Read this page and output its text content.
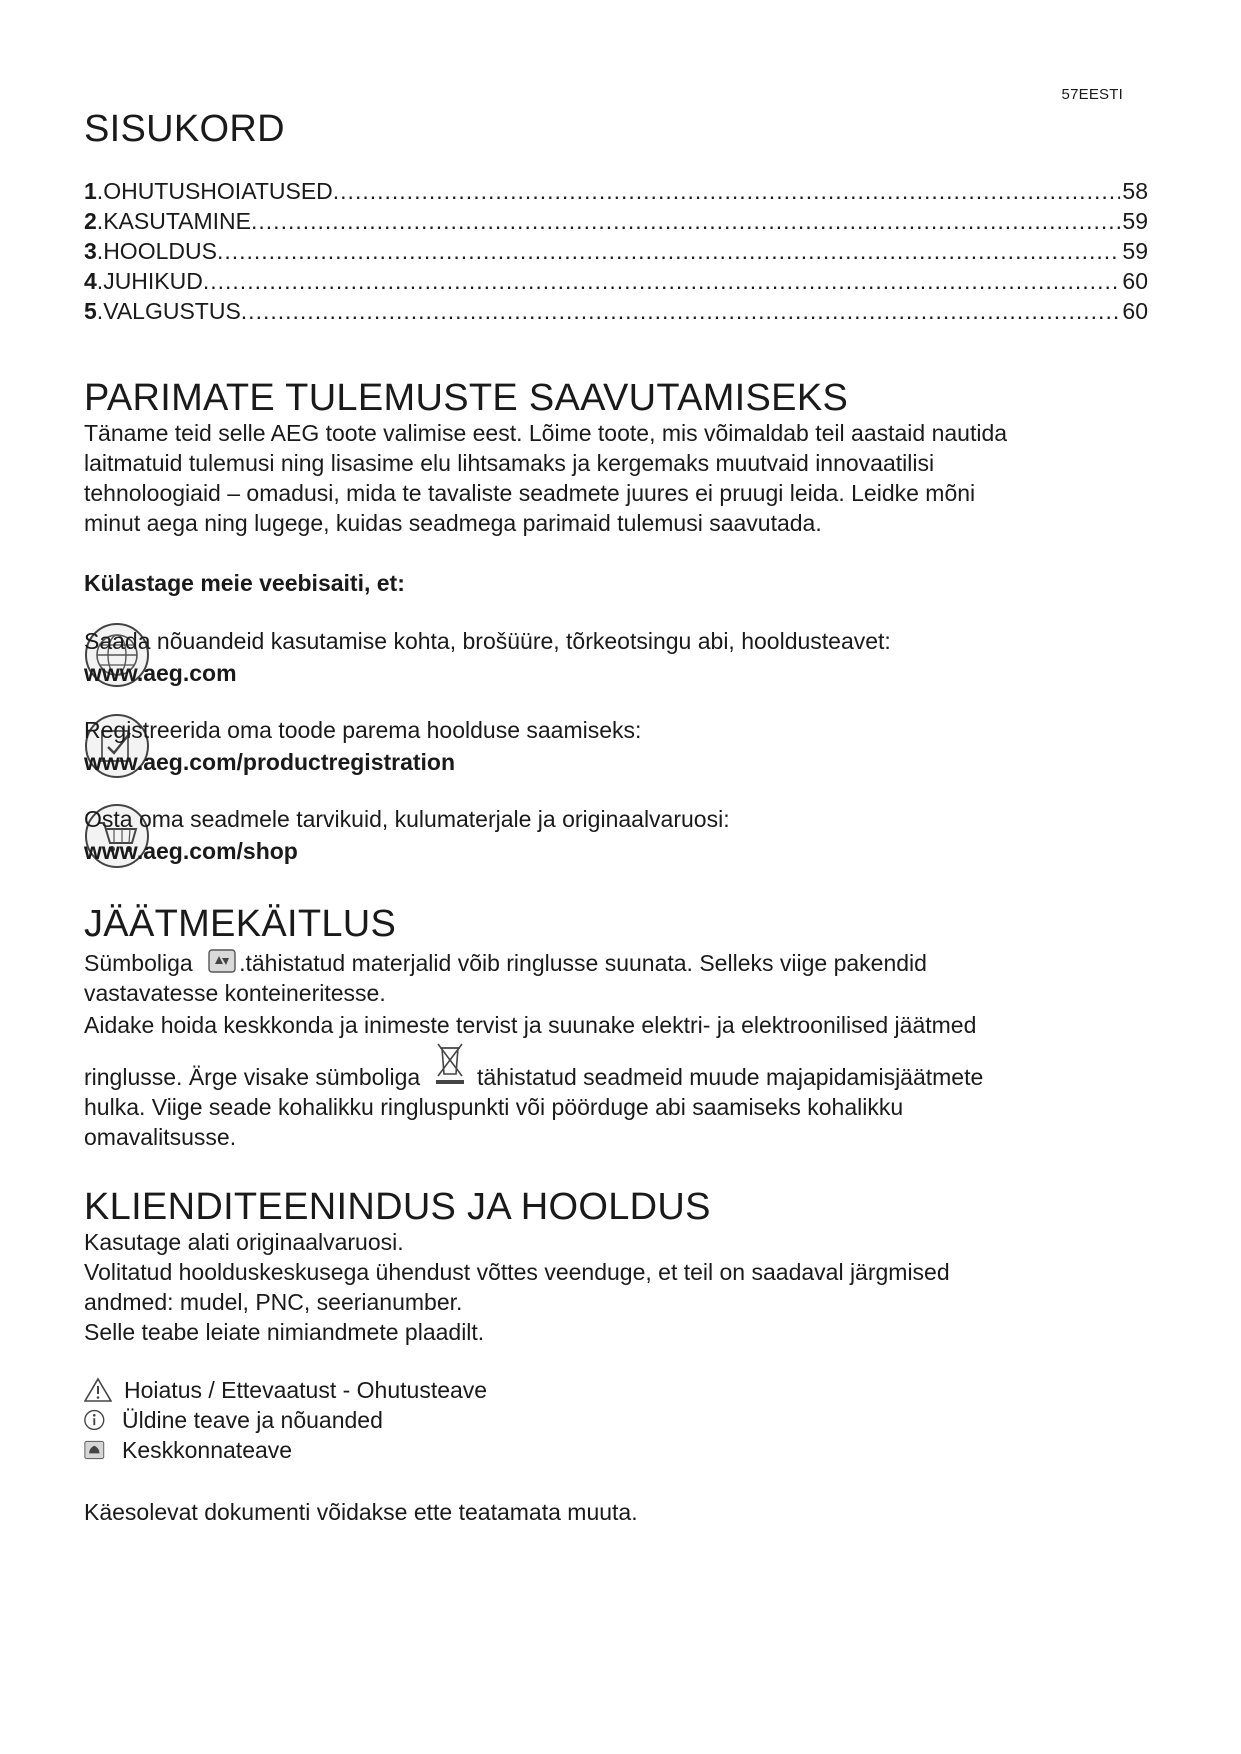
57EESTI
SISUKORD
1 . OHUTUSHOIATUSED .....	58
2 . KASUTAMINE .....	59
3 . HOOLDUS .....	59
4 . JUHIKUD .....	60
5 . VALGUSTUS .....	60
PARIMATE TULEMUSTE SAAVUTAMISEKS
Täname teid selle AEG toote valimise eest. Lõime toote, mis võimaldab teil aastaid nautida
laitmatuid tulemusi ning lisasime elu lihtsamaks ja kergemaks muutvaid innovaatilisi
tehnoloogiaid – omadusi, mida te tavaliste seadmete juures ei pruugi leida. Leidke mõni
minut aega ning lugege, kuidas seadmega parimaid tulemusi saavutada.
Külastage meie veebisaiti, et:
Saada nõuandeid kasutamise kohta, brošüüre, tõrkeotsingu abi, hooldusteavet:
www.aeg.com
Registreerida oma toode parema hoolduse saamiseks:
www.aeg.com/productregistration
Osta oma seadmele tarvikuid, kulumaterjale ja originaalvaruosi:
www.aeg.com/shop
JÄÄTMEKÄITLUS
Sümboliga .tähistatud materjalid võib ringlusse suunata. Selleks viige pakendid
vastavatesse konteineritesse.
Aidake hoida keskkonda ja inimeste tervist ja suunake elektri- ja elektroonilised jäätmed
ringlusse. Ärge visake sümboliga tähistatud seadmeid muude majapidamisjäätmete
hulka. Viige seade kohalikku ringluspunkti või pöörduge abi saamiseks kohalikku
omavalitsusse.
KLIENDITEENINDUS JA HOOLDUS
Kasutage alati originaalvaruosi.
Volitatud hoolduskeskusega ühendust võttes veenduge, et teil on saadaval järgmised
andmed: mudel, PNC, seerianumber.
Selle teabe leiate nimiandmete plaadilt.
Hoiatus / Ettevaatust - Ohutusteave
Üldine teave ja nõuanded
Keskkonnateave
Käesolevat dokumenti võidakse ette teatamata muuta.
